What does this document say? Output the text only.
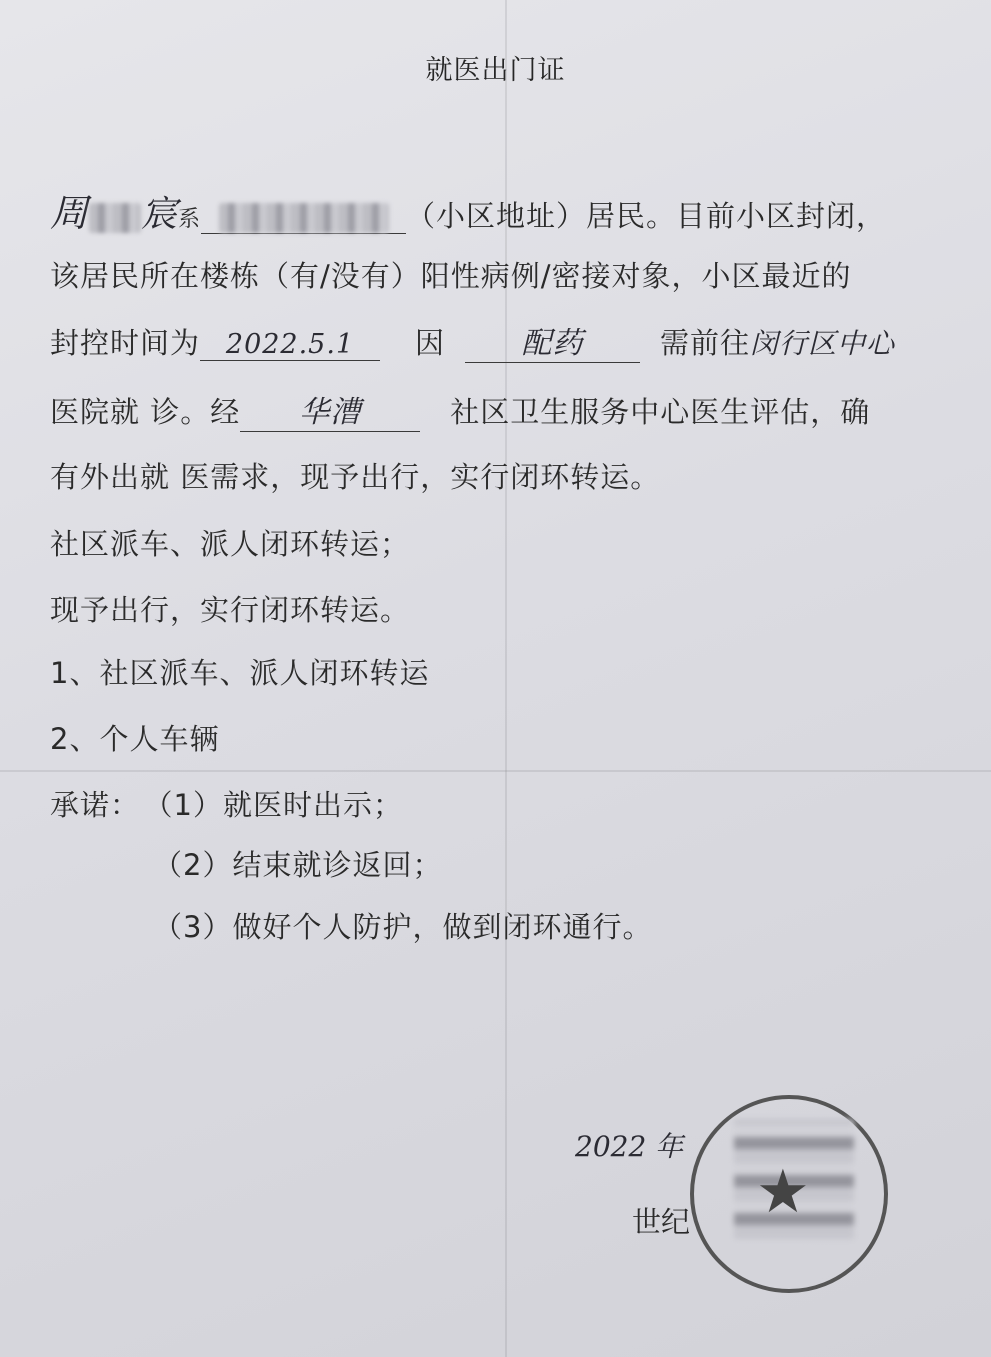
就医出门证
周 宸系	（小区地址）居民。目前小区封闭，
该居民所在楼栋（有/没有）阳性病例/密接对象，小区最近的
封控时间为 2022.5.1 因	配药	需前往闵行区中心
医院就 诊。经 华漕	社区卫生服务中心医生评估，确
有外出就 医需求，现予出行，实行闭环转运。
社区派车、派人闭环转运；
现予出行，实行闭环转运。
1、社区派车、派人闭环转运
2、个人车辆
承诺： （1）就医时出示；
（2）结束就诊返回；
（3）做好个人防护，做到闭环通行。
2022 年
世纪 ★
